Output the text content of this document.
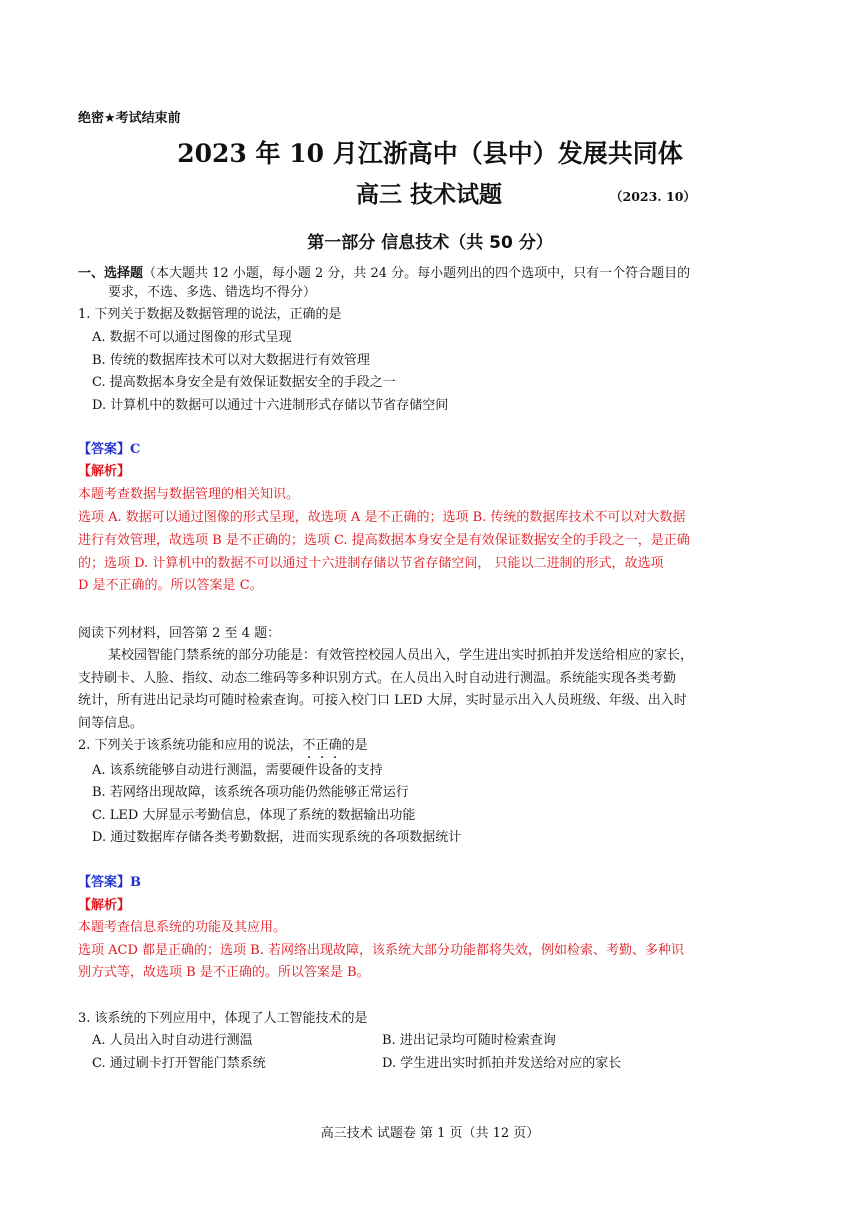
绝密★考试结束前
2023 年 10 月江浙高中（县中）发展共同体
高三 技术试题	（2023. 10）
第一部分 信息技术（共 50 分）
一、选择题（本大题共 12 小题，每小题 2 分，共 24 分。每小题列出的四个选项中，只有一个符合题目的
要求，不选、多选、错选均不得分）
1. 下列关于数据及数据管理的说法，正确的是
A. 数据不可以通过图像的形式呈现
B. 传统的数据库技术可以对大数据进行有效管理
C. 提高数据本身安全是有效保证数据安全的手段之一
D. 计算机中的数据可以通过十六进制形式存储以节省存储空间
【答案】C
【解析】
本题考查数据与数据管理的相关知识。
选项 A. 数据可以通过图像的形式呈现，故选项 A 是不正确的；选项 B. 传统的数据库技术不可以对大数据
进行有效管理，故选项 B 是不正确的；选项 C. 提高数据本身安全是有效保证数据安全的手段之一，是正确
的；选项 D. 计算机中的数据不可以通过十六进制存储以节省存储空间， 只能以二进制的形式，故选项
D 是不正确的。所以答案是 C。
阅读下列材料，回答第 2 至 4 题：
某校园智能门禁系统的部分功能是：有效管控校园人员出入，学生进出实时抓拍并发送给相应的家长，
支持刷卡、人脸、指纹、动态二维码等多种识别方式。在人员出入时自动进行测温。系统能实现各类考勤
统计，所有进出记录均可随时检索查询。可接入校门口 LED 大屏，实时显示出入人员班级、年级、出入时
间等信息。
2. 下列关于该系统功能和应用的说法，不正确的是
A. 该系统能够自动进行测温，需要硬件设备的支持
B. 若网络出现故障，该系统各项功能仍然能够正常运行
C. LED 大屏显示考勤信息，体现了系统的数据输出功能
D. 通过数据库存储各类考勤数据，进而实现系统的各项数据统计
【答案】B
【解析】
本题考查信息系统的功能及其应用。
选项 ACD 都是正确的；选项 B. 若网络出现故障，该系统大部分功能都将失效，例如检索、考勤、多种识
别方式等，故选项 B 是不正确的。所以答案是 B。
3. 该系统的下列应用中，体现了人工智能技术的是
A. 人员出入时自动进行测温	B. 进出记录均可随时检索查询
C. 通过刷卡打开智能门禁系统	D. 学生进出实时抓拍并发送给对应的家长
高三技术 试题卷 第 1 页（共 12 页）
